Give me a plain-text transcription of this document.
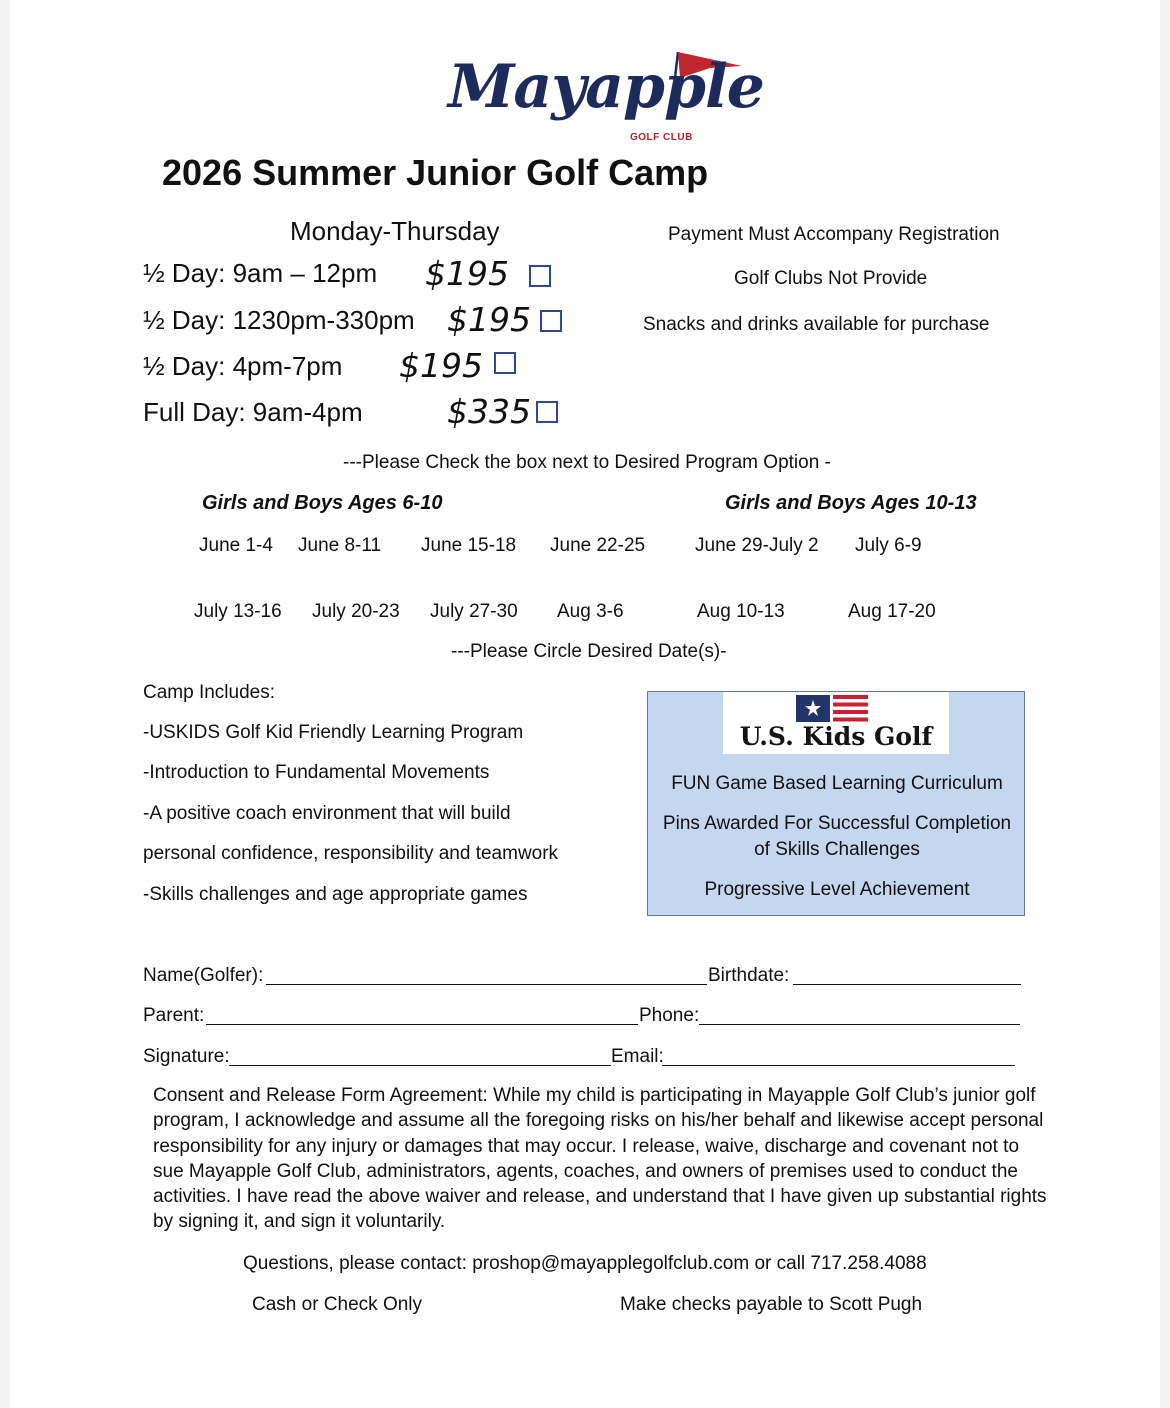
Mayapple
GOLF CLUB
2026 Summer Junior Golf Camp
Monday-Thursday
½ Day: 9am – 12pm $195
½ Day: 1230pm-330pm $195
½ Day: 4pm-7pm $195
Full Day: 9am-4pm	$335
Payment Must Accompany Registration
Golf Clubs Not Provide
Snacks and drinks available for purchase
---Please Check the box next to Desired Program Option -
Girls and Boys Ages 6-10	Girls and Boys Ages 10-13
June 1-4 June 8-11 June 15-18 June 22-25	June 29-July 2 July 6-9
July 13-16 July 20-23 July 27-30 Aug 3-6	Aug 10-13	Aug 17-20
---Please Circle Desired Date(s)-
Camp Includes:
-USKIDS Golf Kid Friendly Learning Program
-Introduction to Fundamental Movements
-A positive coach environment that will build
personal confidence, responsibility and teamwork
-Skills challenges and age appropriate games
U.S. Kids Golf
FUN Game Based Learning Curriculum
Pins Awarded For Successful Completion
of Skills Challenges
Progressive Level Achievement
Name(Golfer):	Birthdate:
Parent:	Phone:
Signature:	Email:
Consent and Release Form Agreement: While my child is participating in Mayapple Golf Club’s junior golf program, I acknowledge and assume all the foregoing risks on his/her behalf and likewise accept personal responsibility for any injury or damages that may occur. I release, waive, discharge and covenant not to sue Mayapple Golf Club, administrators, agents, coaches, and owners of premises used to conduct the activities. I have read the above waiver and release, and understand that I have given up substantial rights by signing it, and sign it voluntarily.
Questions, please contact: proshop@mayapplegolfclub.com or call 717.258.4088
Cash or Check Only	Make checks payable to Scott Pugh
